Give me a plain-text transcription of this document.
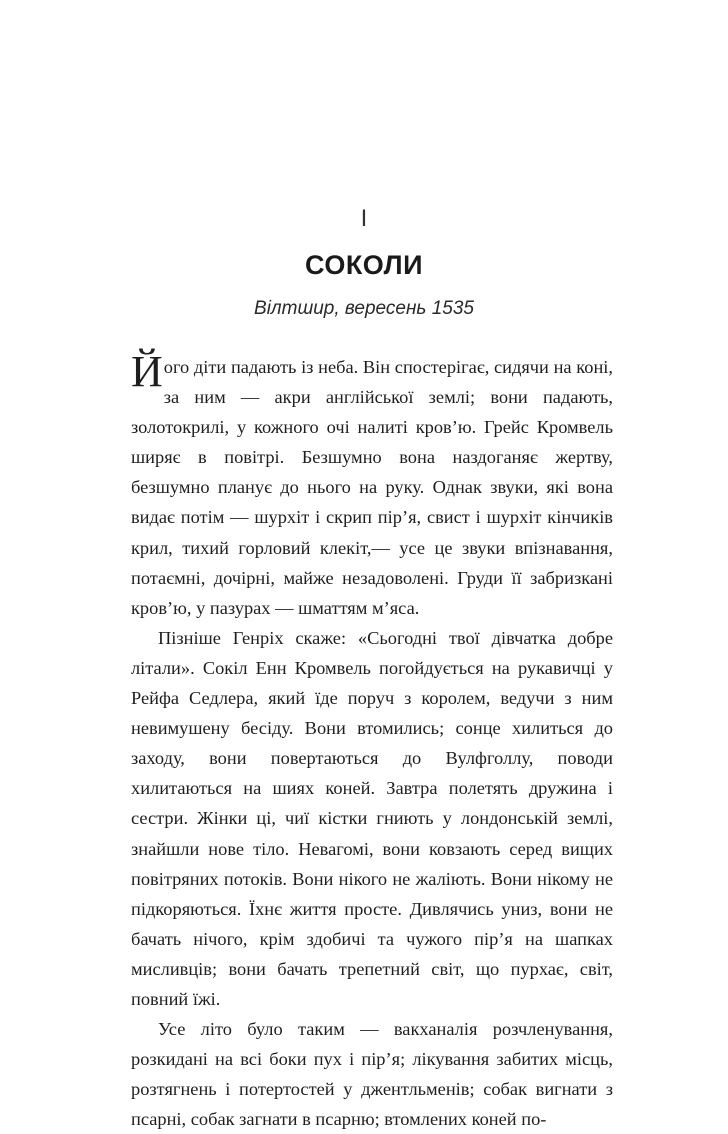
I
СОКОЛИ
Вілтшир, вересень 1535

Його діти падають із неба. Він спостерігає, сидячи на коні, за ним — акри англійської землі; вони падають, золотокрилі, у кожного очі налиті кров’ю. Грейс Кромвель ширяє в повітрі. Безшумно вона наздоганяє жертву, безшумно планує до нього на руку. Однак звуки, які вона видає потім — шурхіт і скрип пір’я, свист і шурхіт кінчиків крил, тихий горловий клекіт,— усе це звуки впізнавання, потаємні, дочірні, майже незадоволені. Груди її забризкані кров’ю, у пазурах — шматтям м’яса.

Пізніше Генріх скаже: «Сьогодні твої дівчатка добре літали». Сокіл Енн Кромвель погойдується на рукавичці у Рейфа Седлера, який їде поруч з королем, ведучи з ним невимушену бесіду. Вони втомились; сонце хилиться до заходу, вони повертаються до Вулфголлу, поводи хилитаються на шиях коней. Завтра полетять дружина і сестри. Жінки ці, чиї кістки гниють у лондонській землі, знайшли нове тіло. Невагомі, вони ковзають серед вищих повітряних потоків. Вони нікого не жаліють. Вони нікому не підкоряються. Їхнє життя просте. Дивлячись униз, вони не бачать нічого, крім здобичі та чужого пір’я на шапках мисливців; вони бачать трепетний світ, що пурхає, світ, повний їжі.

Усе літо було таким — вакханалія розчленування, розкидані на всі боки пух і пір’я; лікування забитих місць, розтягнень і потертостей у джентльменів; собак вигнати з псарні, собак загнати в псарню; втомлених коней по-
